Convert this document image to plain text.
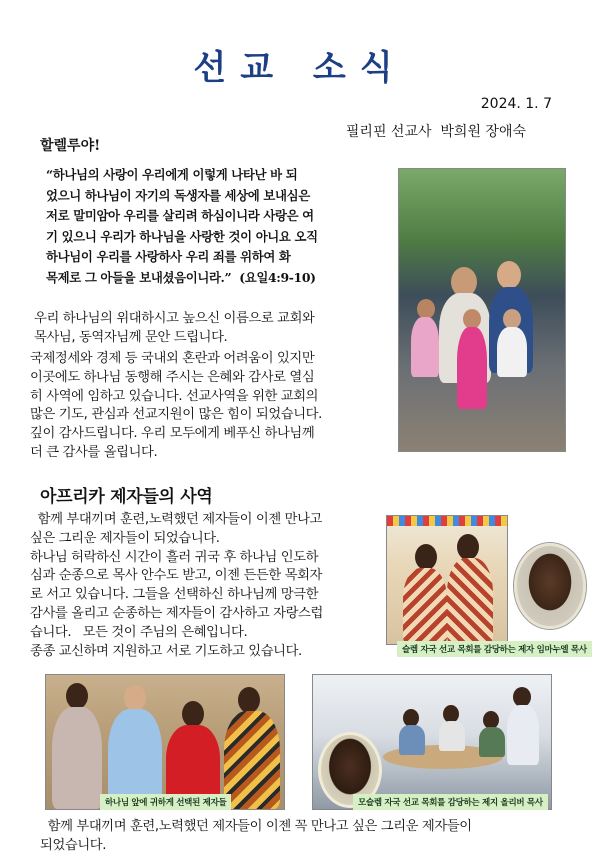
선교 소식
2024. 1. 7
필리핀 선교사  박희원 장애숙
할렐루야!

“하나님의 사랑이 우리에게 이렇게 나타난 바 되

었으니 하나님이 자기의 독생자를 세상에 보내심은

저로 말미암아 우리를 살리려 하심이니라 사랑은 여

기 있으니 우리가 하나님을 사랑한 것이 아니요 오직

하나님이 우리를 사랑하사 우리 죄를 위하여 화

목제로 그 아들을 보내셨음이니라.” (요일4:9-10)

우리 하나님의 위대하시고 높으신 이름으로 교회와

목사님, 동역자님께 문안 드립니다.

국제정세와 경제 등 국내외 혼란과 어려움이 있지만

이곳에도 하나님 동행해 주시는 은혜와 감사로 열심

히 사역에 임하고 있습니다. 선교사역을 위한 교회의

많은 기도, 관심과 선교지원이 많은 힘이 되었습니다.

깊이 감사드립니다. 우리 모두에게 베푸신 하나님께

더 큰 감사를 올립니다.

아프리카 제자들의 사역

함께 부대끼며 훈련,노력했던 제자들이 이젠 만나고

싶은 그리운 제자들이 되었습니다.

하나님 허락하신 시간이 흘러 귀국 후 하나님 인도하

심과 순종으로 목사 안수도 받고, 이젠 든든한 목회자

로 서고 있습니다. 그들을 선택하신 하나님께 망극한

감사를 올리고 순종하는 제자들이 감사하고 자랑스럽

습니다.   모든 것이 주님의 은혜입니다.

종종 교신하며 지원하고 서로 기도하고 있습니다.	슬렘 자국 선교 목회를 감당하는 제자 임마누엘 목사
하나님 앞에 귀하게 선택된 제자들	모슬렘 자국 선교 목회를 감당하는 제지 올리버 목사

함께 부대끼며 훈련,노력했던 제자들이 이젠 꼭 만나고 싶은 그리운 제자들이

되었습니다.
